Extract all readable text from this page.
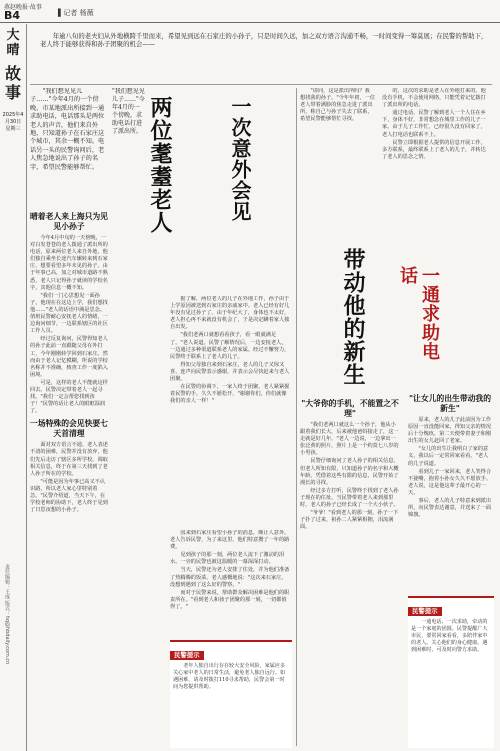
燕赵晚报·故事
B4	▌记者 杨薇
大晴
故事
2025年4月30日 星期三
责任编辑：王成 版式：hq@hbdaily.com.cn

年逾八旬的老夫妇从外地横跨千里而来，希望见到远在石家庄的小孙子，只是时间久远，加之双方语言沟通不畅，一时间变得一筹莫展；在民警的帮助下，老人终于能够获得和孙子团聚的机会——

"我们想见见儿子……"今年4月的一个傍晚，市某地派出所接到一通求助电话，电话那头是两位老人的声音，他们来自外地，只知道孙子在石家庄这个城市，其余一概不知。电话另一头的民警询问后，老人焦急地说出了孙子的名字，希望民警能够帮忙。

晴着老人来上海只为见见小孙子

今年4月中旬的一天傍晚，一对白发苍苍的老人拨通了派出所的电话，原来两位老人来自外地，他们独自乘坐长途汽车辗转来到石家庄，想要看望多年未见的孙子。由于年事已高，加之对城市道路不熟悉，老人只记得孙子就读的学校名字，其他信息一概不知。

"我们一门心思想见一面孙子，他现在在这边上学，我们想找他……"老人的话语中满是思念。值班民警耐心安抚老人的情绪，一边询问细节，一边联系辖区的社区工作人员。

经过反复询问，民警得知老人的孙子此前一直跟随父母在外打工，今年刚刚转学回到石家庄。然而由于老人记忆模糊，所说的学校名称并不准确，核查工作一度陷入困境。

可是，这样的老人不能就这样回去。民警决定带着老人一起寻找。"我们一定会帮您找到孩子！"民警的话让老人的眼眶湿润了。

一场特殊的会见快要七天首清理

面对双方语言不通、老人表述不清的困难，民警并没有放弃，他们先后走访了辖区多所学校，调取相关信息，终于在第三天找到了老人孙子所在的学校。

"可能是因为年事已高又不认识路，所以老人家心里特别着急。"民警介绍道，当天下午，在学校老师的协助下，老人终于见到了日思夜想的小孙子。

"我们想见见儿子……"今年4月的一个傍晚，求助电话打进了派出所。 两位耄耋老人	一次意外会见

据了解，两位老人的儿子在外地工作，孙子由于上学原因被送到石家庄的亲戚家中。老人已经有好几年没有见过孙子了。由于年纪大了，身体也不太好，老人担心再不来就没有机会了，于是决定瞒着家人独自出发。

"我们老两口就想看看孩子，看一眼就满足了。"老人说道。民警了解情况后，一边安抚老人，一边通过多种渠道联系老人的家属。经过不懈努力，民警终于联系上了老人的儿子。

得知父母独自来到石家庄，老人的儿子又惊又喜，连声向民警表示感谢，并表示会尽快赶来与老人团聚。

在民警的协调下，一家人终于团聚。老人紧紧握着民警的手，久久不愿松开，"谢谢你们，你们就像我们的亲人一样！"

国来到石家庄看望小孙子的消息，颇让人意外。老人告诉民警，为了来这里，他们特意攒了一年的路费。

见到孩子的那一刻，两位老人流下了激动的泪水。一旁的民警也被这温暖的一幕深深打动。

当天，民警还为老人安排了住处，并为他们准备了热腾腾的饭菜。老人感慨地说："这次来石家庄，没想到遇到了这么好的警察。"

而对于民警来说，帮助群众解决困难是他们的职责所在。"看到老人和孩子团聚的那一刻，一切都值得了。"

民警提示

老年人独自出行存在较大安全风险，家属应多关心家中老人的日常生活，避免老人独自远行。如遇困难，请及时拨打110寻求帮助，民警会第一时间为您提供帮助。

"请问，这是派出所吗？我想找我的孙子。"今年年初，一位老人带着满脸的焦急走进了派出所，称自己与孙子失去了联系，希望民警能够帮忙寻找。

的，这次的求助是老人在外地打来的。他没有手机，不会使用网络，只能凭着记忆拨打了派出所的电话。

通过电话，民警了解到老人一个人住在乡下，身体不好，非常想念在城里工作的儿子一家。由于儿子工作忙，已经很久没有回家了，老人打电话也联系不上。

民警立即根据老人提供的信息开展工作，多方联系，最终联系上了老人的儿子，并转达了老人的思念之情。

带动他的新生	一通求助电话
"大爷你的手机，不能置之不理"

"我们老两口就这么一个孙子，他从小跟着我们长大，后来被他爸妈接走了，这一走就是好几年。"老人一边说，一边拿出一张泛黄的照片，照片上是一个约莫七八岁的小男孩。

民警仔细询问了老人孙子的相关信息，但老人所知有限，只知道孙子的名字和大概年龄。凭借着这些有限的信息，民警开始了漫长的寻找。

经过多方打听，民警终于找到了老人孙子现在的住址。当民警带着老人来到那里时，老人的孙子已经长成了一个大小伙子。

"爷爷！"看到老人的那一刻，孙子一下子扑了过来，祖孙二人紧紧相拥，泪流满面。

"让女儿的出生带动我的新生"

原来，老人的儿子此前因为工作原因一直没能回家，得知父亲的情况后十分愧疚，第二天便带着妻子和刚出生的女儿赶回了老家。

"女儿的出生让我明白了家的意义，我以后一定常回家看看。"老人的儿子说道。

看到儿子一家回来，老人笑得合不拢嘴，抱着小孙女久久不愿放手。老人说，这是他这辈子最开心的一天。

事后，老人的儿子特意来到派出所，向民警表达谢意，并送来了一面锦旗。

民警提示

一通电话、一次求助，牵动的是一个家庭的团圆。民警提醒广大市民，要常回家看看，多陪伴家中的老人，关心他们的身心健康。遇到困难时，可及时向警方求助。
